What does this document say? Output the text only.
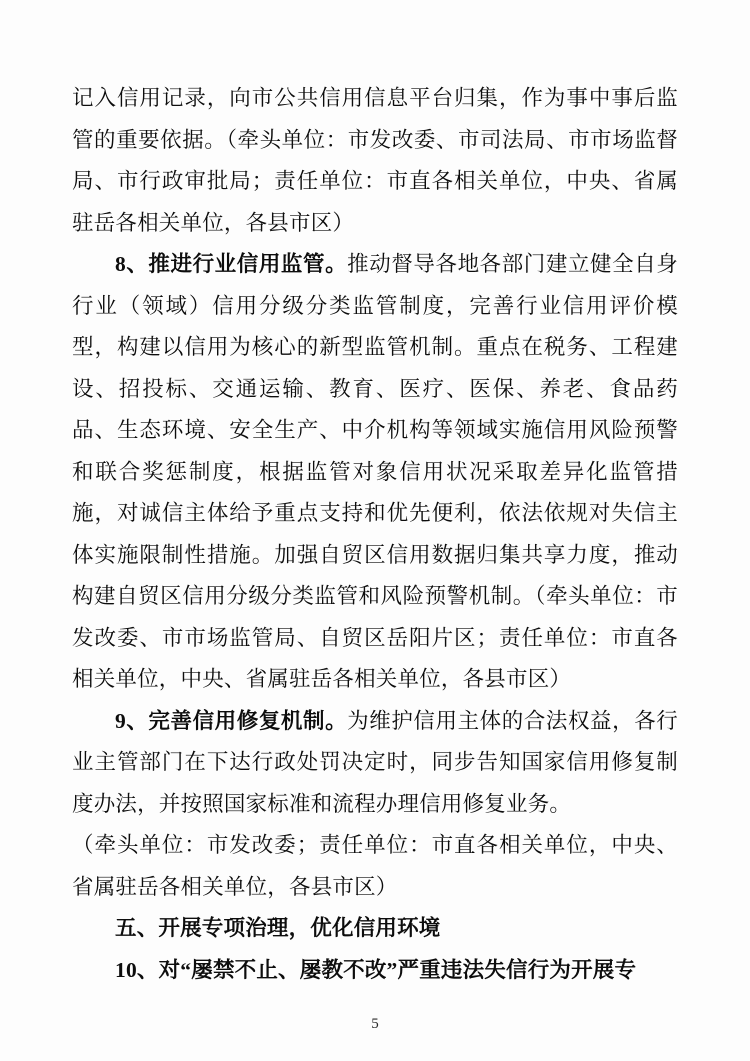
记入信用记录，向市公共信用信息平台归集，作为事中事后监管的重要依据。（牵头单位：市发改委、市司法局、市市场监督局、市行政审批局；责任单位：市直各相关单位，中央、省属驻岳各相关单位，各县市区）

8、推进行业信用监管。推动督导各地各部门建立健全自身行业（领域）信用分级分类监管制度，完善行业信用评价模型，构建以信用为核心的新型监管机制。重点在税务、工程建设、招投标、交通运输、教育、医疗、医保、养老、食品药品、生态环境、安全生产、中介机构等领域实施信用风险预警和联合奖惩制度，根据监管对象信用状况采取差异化监管措施，对诚信主体给予重点支持和优先便利，依法依规对失信主体实施限制性措施。加强自贸区信用数据归集共享力度，推动构建自贸区信用分级分类监管和风险预警机制。（牵头单位：市发改委、市市场监管局、自贸区岳阳片区；责任单位：市直各相关单位，中央、省属驻岳各相关单位，各县市区）

9、完善信用修复机制。为维护信用主体的合法权益，各行业主管部门在下达行政处罚决定时，同步告知国家信用修复制度办法，并按照国家标准和流程办理信用修复业务。

（牵头单位：市发改委；责任单位：市直各相关单位，中央、省属驻岳各相关单位，各县市区）

五、开展专项治理，优化信用环境

10、对“屡禁不止、屡教不改”严重违法失信行为开展专

5
